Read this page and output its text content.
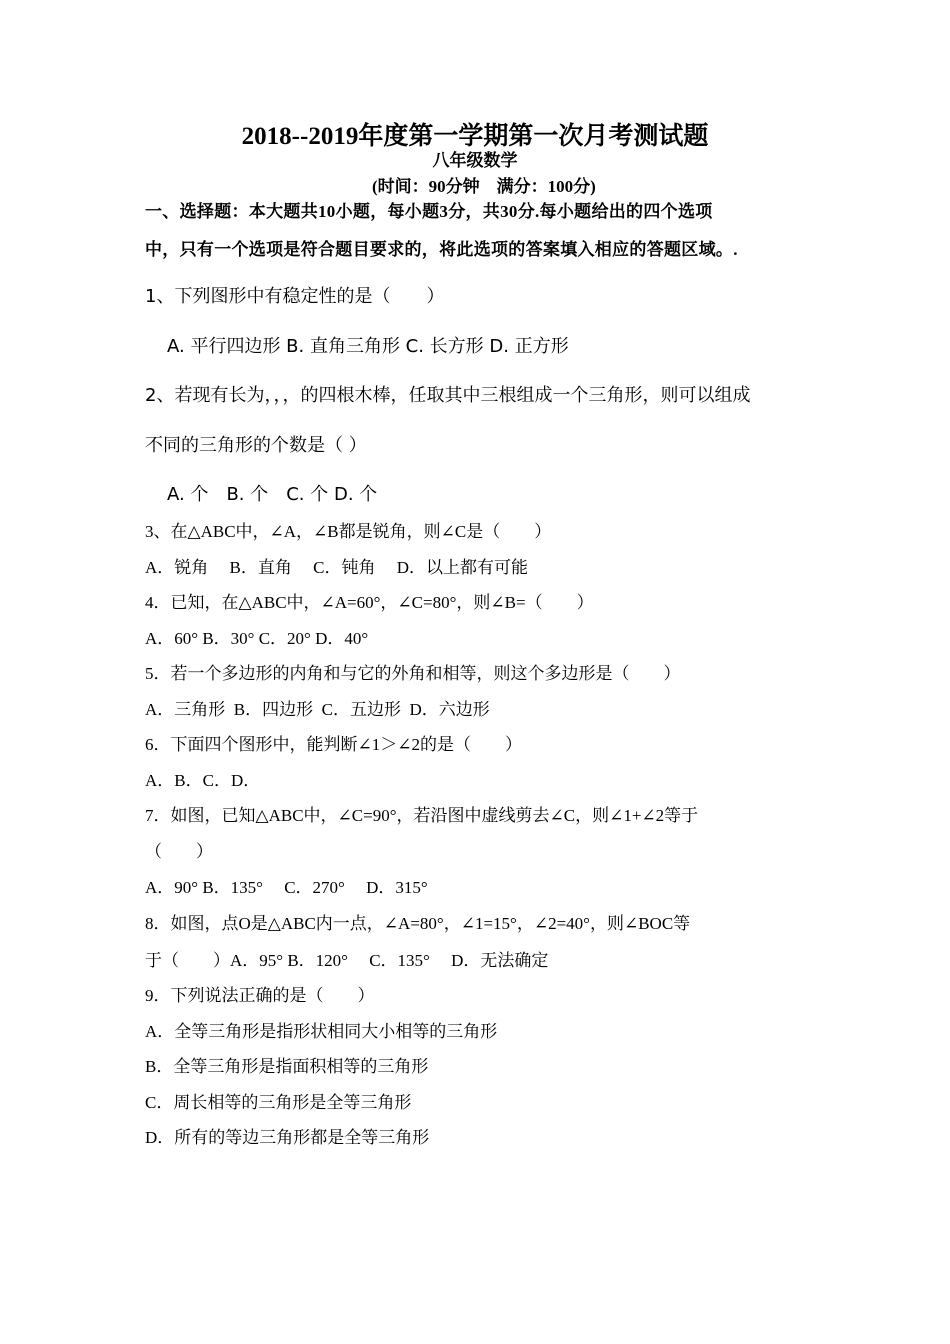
2018--2019年度第一学期第一次月考测试题
八年级数学
(时间：90分钟　满分：100分)
一、选择题：本大题共10小题，每小题3分，共30分.每小题给出的四个选项
中，只有一个选项是符合题目要求的，将此选项的答案填入相应的答题区域。.
1、下列图形中有稳定性的是（　　）
A. 平行四边形 B. 直角三角形 C. 长方形 D. 正方形
2、若现有长为，，，的四根木棒，任取其中三根组成一个三角形，则可以组成
不同的三角形的个数是（ ）
A. 个　B. 个　C. 个 D. 个
3、在△ABC中，∠A，∠B都是锐角，则∠C是（　　）
A．锐角　 B．直角　 C．钝角　 D．以上都有可能
4．已知，在△ABC中，∠A=60°，∠C=80°，则∠B=（　　）
A．60° B．30° C．20° D．40°
5．若一个多边形的内角和与它的外角和相等，则这个多边形是（　　）
A．三角形  B．四边形  C．五边形  D．六边形
6．下面四个图形中，能判断∠1＞∠2的是（　　）
A．B．C．D．
7．如图，已知△ABC中，∠C=90°，若沿图中虚线剪去∠C，则∠1+∠2等于
（　　）
A．90° B．135°　 C．270°　 D．315°
8．如图，点O是△ABC内一点，∠A=80°，∠1=15°，∠2=40°，则∠BOC等
于（　　）A．95° B．120°　 C．135°　 D．无法确定
9．下列说法正确的是（　　）
A．全等三角形是指形状相同大小相等的三角形
B．全等三角形是指面积相等的三角形
C．周长相等的三角形是全等三角形
D．所有的等边三角形都是全等三角形
